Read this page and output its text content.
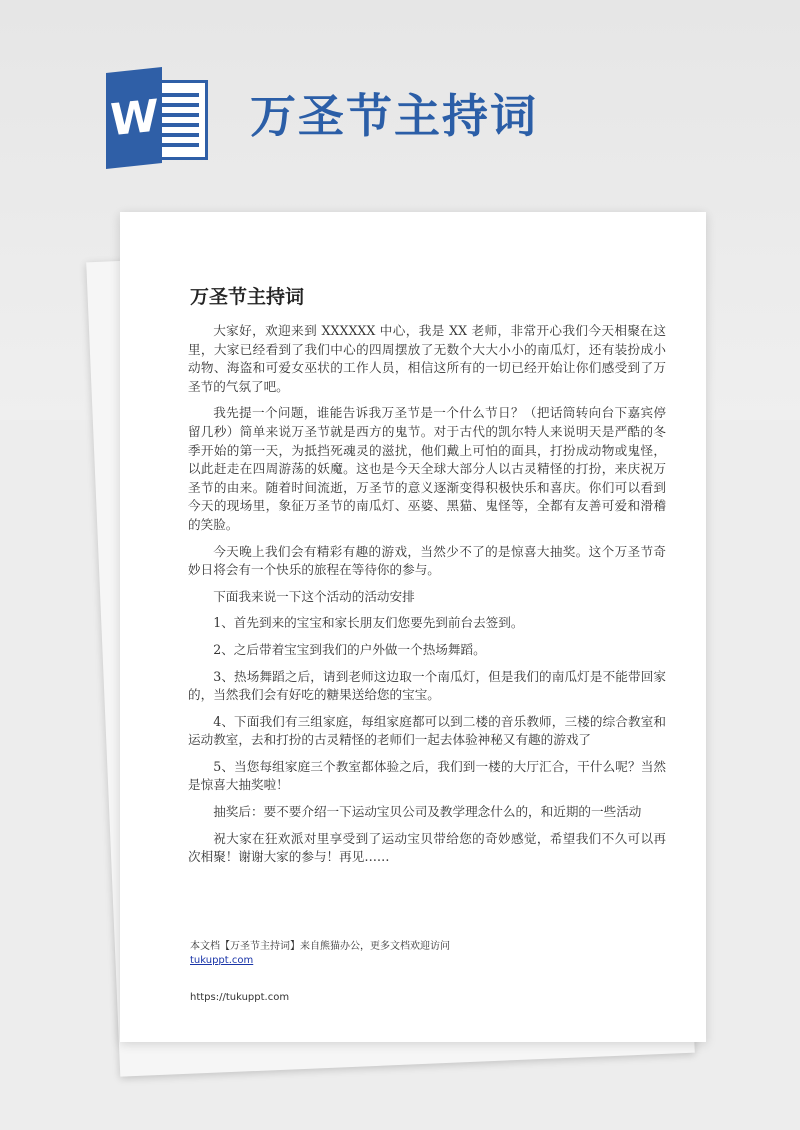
W 万圣节主持词
万圣节主持词

大家好，欢迎来到 XXXXXX 中心，我是 XX 老师，非常开心我们今天相聚在这里，大家已经看到了我们中心的四周摆放了无数个大大小小的南瓜灯，还有装扮成小动物、海盗和可爱女巫状的工作人员，相信这所有的一切已经开始让你们感受到了万圣节的气氛了吧。

我先提一个问题，谁能告诉我万圣节是一个什么节日？（把话筒转向台下嘉宾停留几秒）简单来说万圣节就是西方的鬼节。对于古代的凯尔特人来说明天是严酷的冬季开始的第一天，为抵挡死魂灵的滋扰，他们戴上可怕的面具，打扮成动物或鬼怪，以此赶走在四周游荡的妖魔。这也是今天全球大部分人以古灵精怪的打扮，来庆祝万圣节的由来。随着时间流逝，万圣节的意义逐渐变得积极快乐和喜庆。你们可以看到今天的现场里，象征万圣节的南瓜灯、巫婆、黑猫、鬼怪等，全都有友善可爱和滑稽的笑脸。

今天晚上我们会有精彩有趣的游戏，当然少不了的是惊喜大抽奖。这个万圣节奇妙日将会有一个快乐的旅程在等待你的参与。

下面我来说一下这个活动的活动安排

1、首先到来的宝宝和家长朋友们您要先到前台去签到。

2、之后带着宝宝到我们的户外做一个热场舞蹈。

3、热场舞蹈之后，请到老师这边取一个南瓜灯，但是我们的南瓜灯是不能带回家的，当然我们会有好吃的糖果送给您的宝宝。

4、下面我们有三组家庭，每组家庭都可以到二楼的音乐教师，三楼的综合教室和运动教室，去和打扮的古灵精怪的老师们一起去体验神秘又有趣的游戏了

5、当您每组家庭三个教室都体验之后，我们到一楼的大厅汇合，干什么呢？当然是惊喜大抽奖啦！

抽奖后：要不要介绍一下运动宝贝公司及教学理念什么的，和近期的一些活动

祝大家在狂欢派对里享受到了运动宝贝带给您的奇妙感觉，希望我们不久可以再次相聚！谢谢大家的参与！再见……

本文档【万圣节主持词】来自熊猫办公，更多文档欢迎访问
tukuppt.com
https://tukuppt.com
